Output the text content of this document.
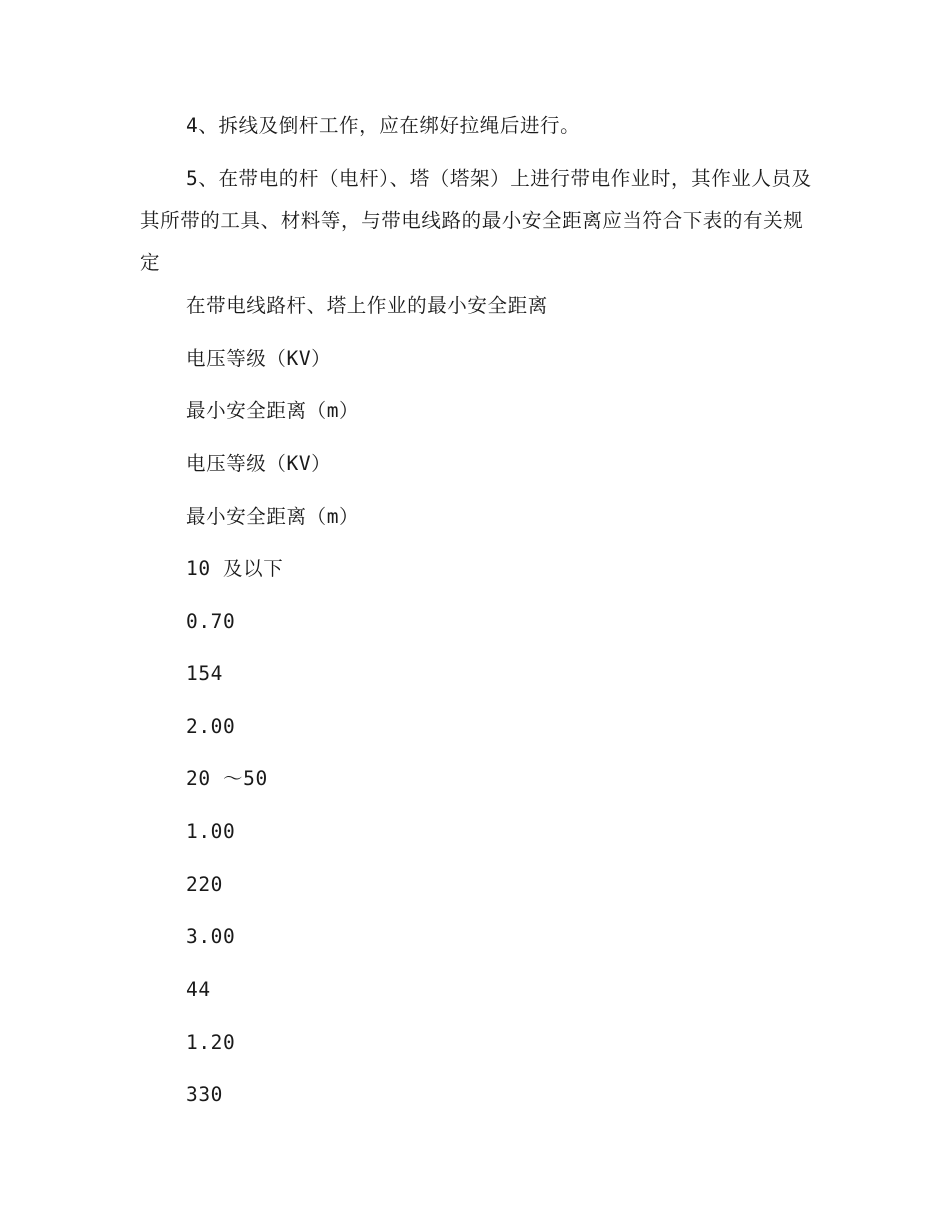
4、拆线及倒杆工作，应在绑好拉绳后进行。

5、在带电的杆（电杆）、塔（塔架）上进行带电作业时，其作业人员及其所带的工具、材料等，与带电线路的最小安全距离应当符合下表的有关规定

在带电线路杆、塔上作业的最小安全距离

电压等级（KV）

最小安全距离（m）

电压等级（KV）

最小安全距离（m）

10 及以下

0.70

154

2.00

20 ～50

1.00

220

3.00

44

1.20

330
